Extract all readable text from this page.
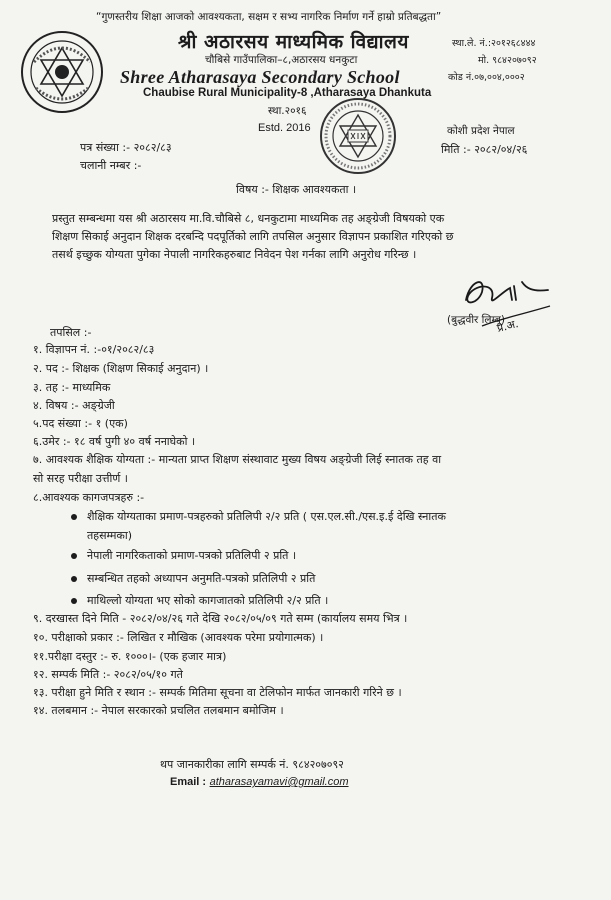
“गुणस्तरीय शिक्षा आजको आवश्यकता, सक्षम र सभ्य नागरिक निर्माण गर्ने हाम्रो प्रतिबद्धता”
श्री अठारसय माध्यमिक विद्यालय
चौबिसे गाउँपालिका–८,अठारसय धनकुटा
Shree Atharasaya Secondary School
Chaubise Rural Municipality-8 ,Atharasaya Dhankuta
स्था.२०१६
Estd. 2016
स्था.ले. नं.:२०१२६८४४४
मो. ९८४२०७०९२
कोड नं.०७,००४,०००२
पत्र संख्या :- २०८२/८३
चलानी नम्बर :-
कोशी प्रदेश नेपाल
मिति :- २०८२/०४/२६
विषय :- शिक्षक आवश्यकता ।
प्रस्तुत सम्बन्धमा यस श्री अठारसय मा.वि.चौबिसे ८, धनकुटामा माध्यमिक तह अङ्ग्रेजी विषयको एक
शिक्षण सिकाई अनुदान शिक्षक दरबन्दि पदपूर्तिको लागि तपसिल अनुसार विज्ञापन प्रकाशित गरिएको छ
तसर्थ इच्छुक योग्यता पुगेका नेपाली नागरिकहरुबाट निवेदन पेश गर्नका लागि अनुरोध गरिन्छ ।
प्र.अ.
(बुद्धवीर लिम्बू)
तपसिल :-
१. विज्ञापन नं. :-०१/२०८२/८३
२. पद :- शिक्षक (शिक्षण सिकाई अनुदान) ।
३. तह :- माध्यमिक
४. विषय :- अङ्ग्रेजी
५.पद संख्या :- १ (एक)
६.उमेर :- १८ वर्ष पुगी ४० वर्ष ननाघेको ।
७. आवश्यक शैक्षिक योग्यता :- मान्यता प्राप्त शिक्षण संस्थावाट मुख्य विषय अङ्ग्रेजी लिई स्नातक तह वा
सो सरह परीक्षा उत्तीर्ण ।
८.आवश्यक कागजपत्रहरु :-
शैक्षिक योग्यताका प्रमाण-पत्रहरुको प्रतिलिपी २/२ प्रति ( एस.एल.सी./एस.इ.ई देखि स्नातक
तहसम्मका)
नेपाली नागरिकताको प्रमाण-पत्रको प्रतिलिपी २ प्रति ।
सम्बन्धित तहको अध्यापन अनुमति-पत्रको प्रतिलिपी २ प्रति
माथिल्लो योग्यता भए सोको कागजातको प्रतिलिपी २/२ प्रति ।
९. दरखास्त दिने मिति - २०८२/०४/२६ गते देखि २०८२/०५/०९ गते सम्म (कार्यालय समय भित्र ।
१०. परीक्षाको प्रकार :- लिखित र मौखिक (आवश्यक परेमा प्रयोगात्मक) ।
११.परीक्षा दस्तुर :- रु. १०००।- (एक हजार मात्र)
१२. सम्पर्क मिति :- २०८२/०५/१० गते
१३. परीक्षा हुने मिति र स्थान :- सम्पर्क मितिमा सूचना वा टेलिफोन मार्फत जानकारी गरिने छ ।
१४. तलबमान :- नेपाल सरकारको प्रचलित तलबमान बमोजिम ।
थप जानकारीका लागि सम्पर्क नं. ९८४२०७०९२
Email : atharasayamavi@gmail.com
